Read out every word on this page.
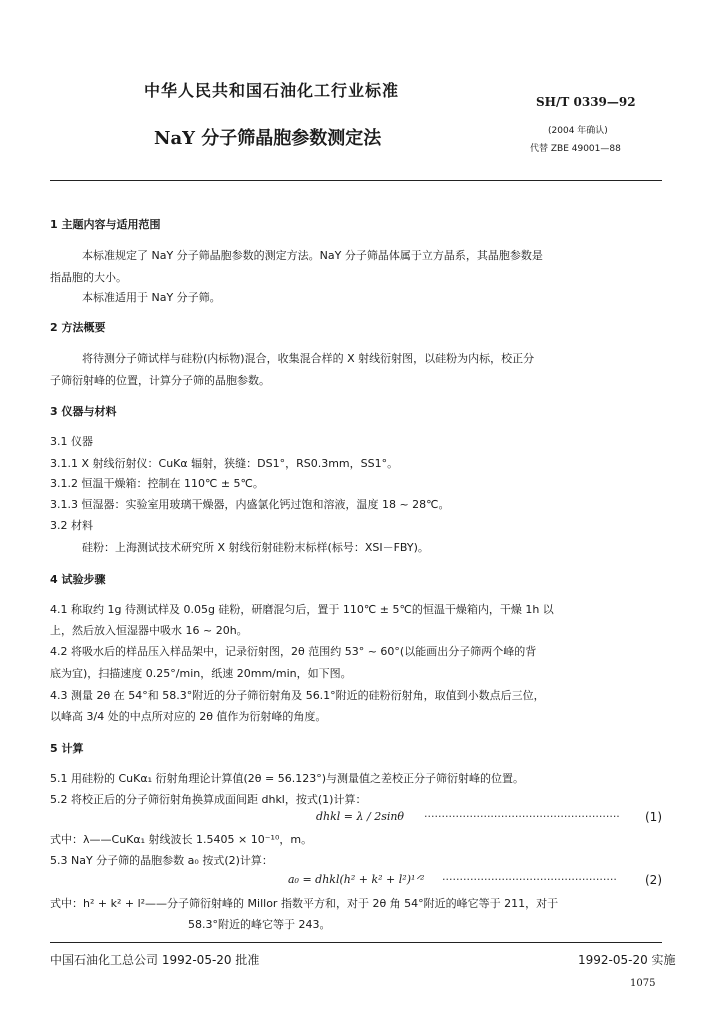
中华人民共和国石油化工行业标准
SH/T 0339—92
NaY 分子筛晶胞参数测定法	(2004 年确认)
代替 ZBE 49001—88
1 主题内容与适用范围
本标准规定了 NaY 分子筛晶胞参数的测定方法。NaY 分子筛晶体属于立方晶系，其晶胞参数是
指晶胞的大小。
本标准适用于 NaY 分子筛。
2 方法概要
将待测分子筛试样与硅粉(内标物)混合，收集混合样的 X 射线衍射图，以硅粉为内标，校正分
子筛衍射峰的位置，计算分子筛的晶胞参数。
3 仪器与材料
3.1 仪器
3.1.1 X 射线衍射仪：CuKα 辐射，狭缝：DS1°，RS0.3mm，SS1°。
3.1.2 恒温干燥箱：控制在 110℃ ± 5℃。
3.1.3 恒湿器：实验室用玻璃干燥器，内盛氯化钙过饱和溶液，温度 18 ~ 28℃。
3.2 材料
硅粉：上海测试技术研究所 X 射线衍射硅粉末标样(标号：XSI－FBY)。
4 试验步骤
4.1 称取约 1g 待测试样及 0.05g 硅粉，研磨混匀后，置于 110℃ ± 5℃的恒温干燥箱内，干燥 1h 以
上，然后放入恒湿器中吸水 16 ~ 20h。
4.2 将吸水后的样品压入样品架中，记录衍射图，2θ 范围约 53° ~ 60°(以能画出分子筛两个峰的背
底为宜)，扫描速度 0.25°/min，纸速 20mm/min，如下图。
4.3 测量 2θ 在 54°和 58.3°附近的分子筛衍射角及 56.1°附近的硅粉衍射角，取值到小数点后三位，
以峰高 3/4 处的中点所对应的 2θ 值作为衍射峰的角度。
5 计算
5.1 用硅粉的 CuKα₁ 衍射角理论计算值(2θ = 56.123°)与测量值之差校正分子筛衍射峰的位置。
5.2 将校正后的分子筛衍射角换算成面间距 dhkl，按式(1)计算：
dhkl = λ / 2sinθ ························································	(1)
式中：λ——CuKα₁ 射线波长 1.5405 × 10⁻¹⁰，m。
5.3 NaY 分子筛的晶胞参数 a₀ 按式(2)计算：
a₀ = dhkl(h² + k² + l²)¹ᐟ² ··················································	(2)
式中：h² + k² + l²——分子筛衍射峰的 Millor 指数平方和，对于 2θ 角 54°附近的峰它等于 211，对于
58.3°附近的峰它等于 243。
中国石油化工总公司 1992-05-20 批准	1992-05-20 实施
1075
